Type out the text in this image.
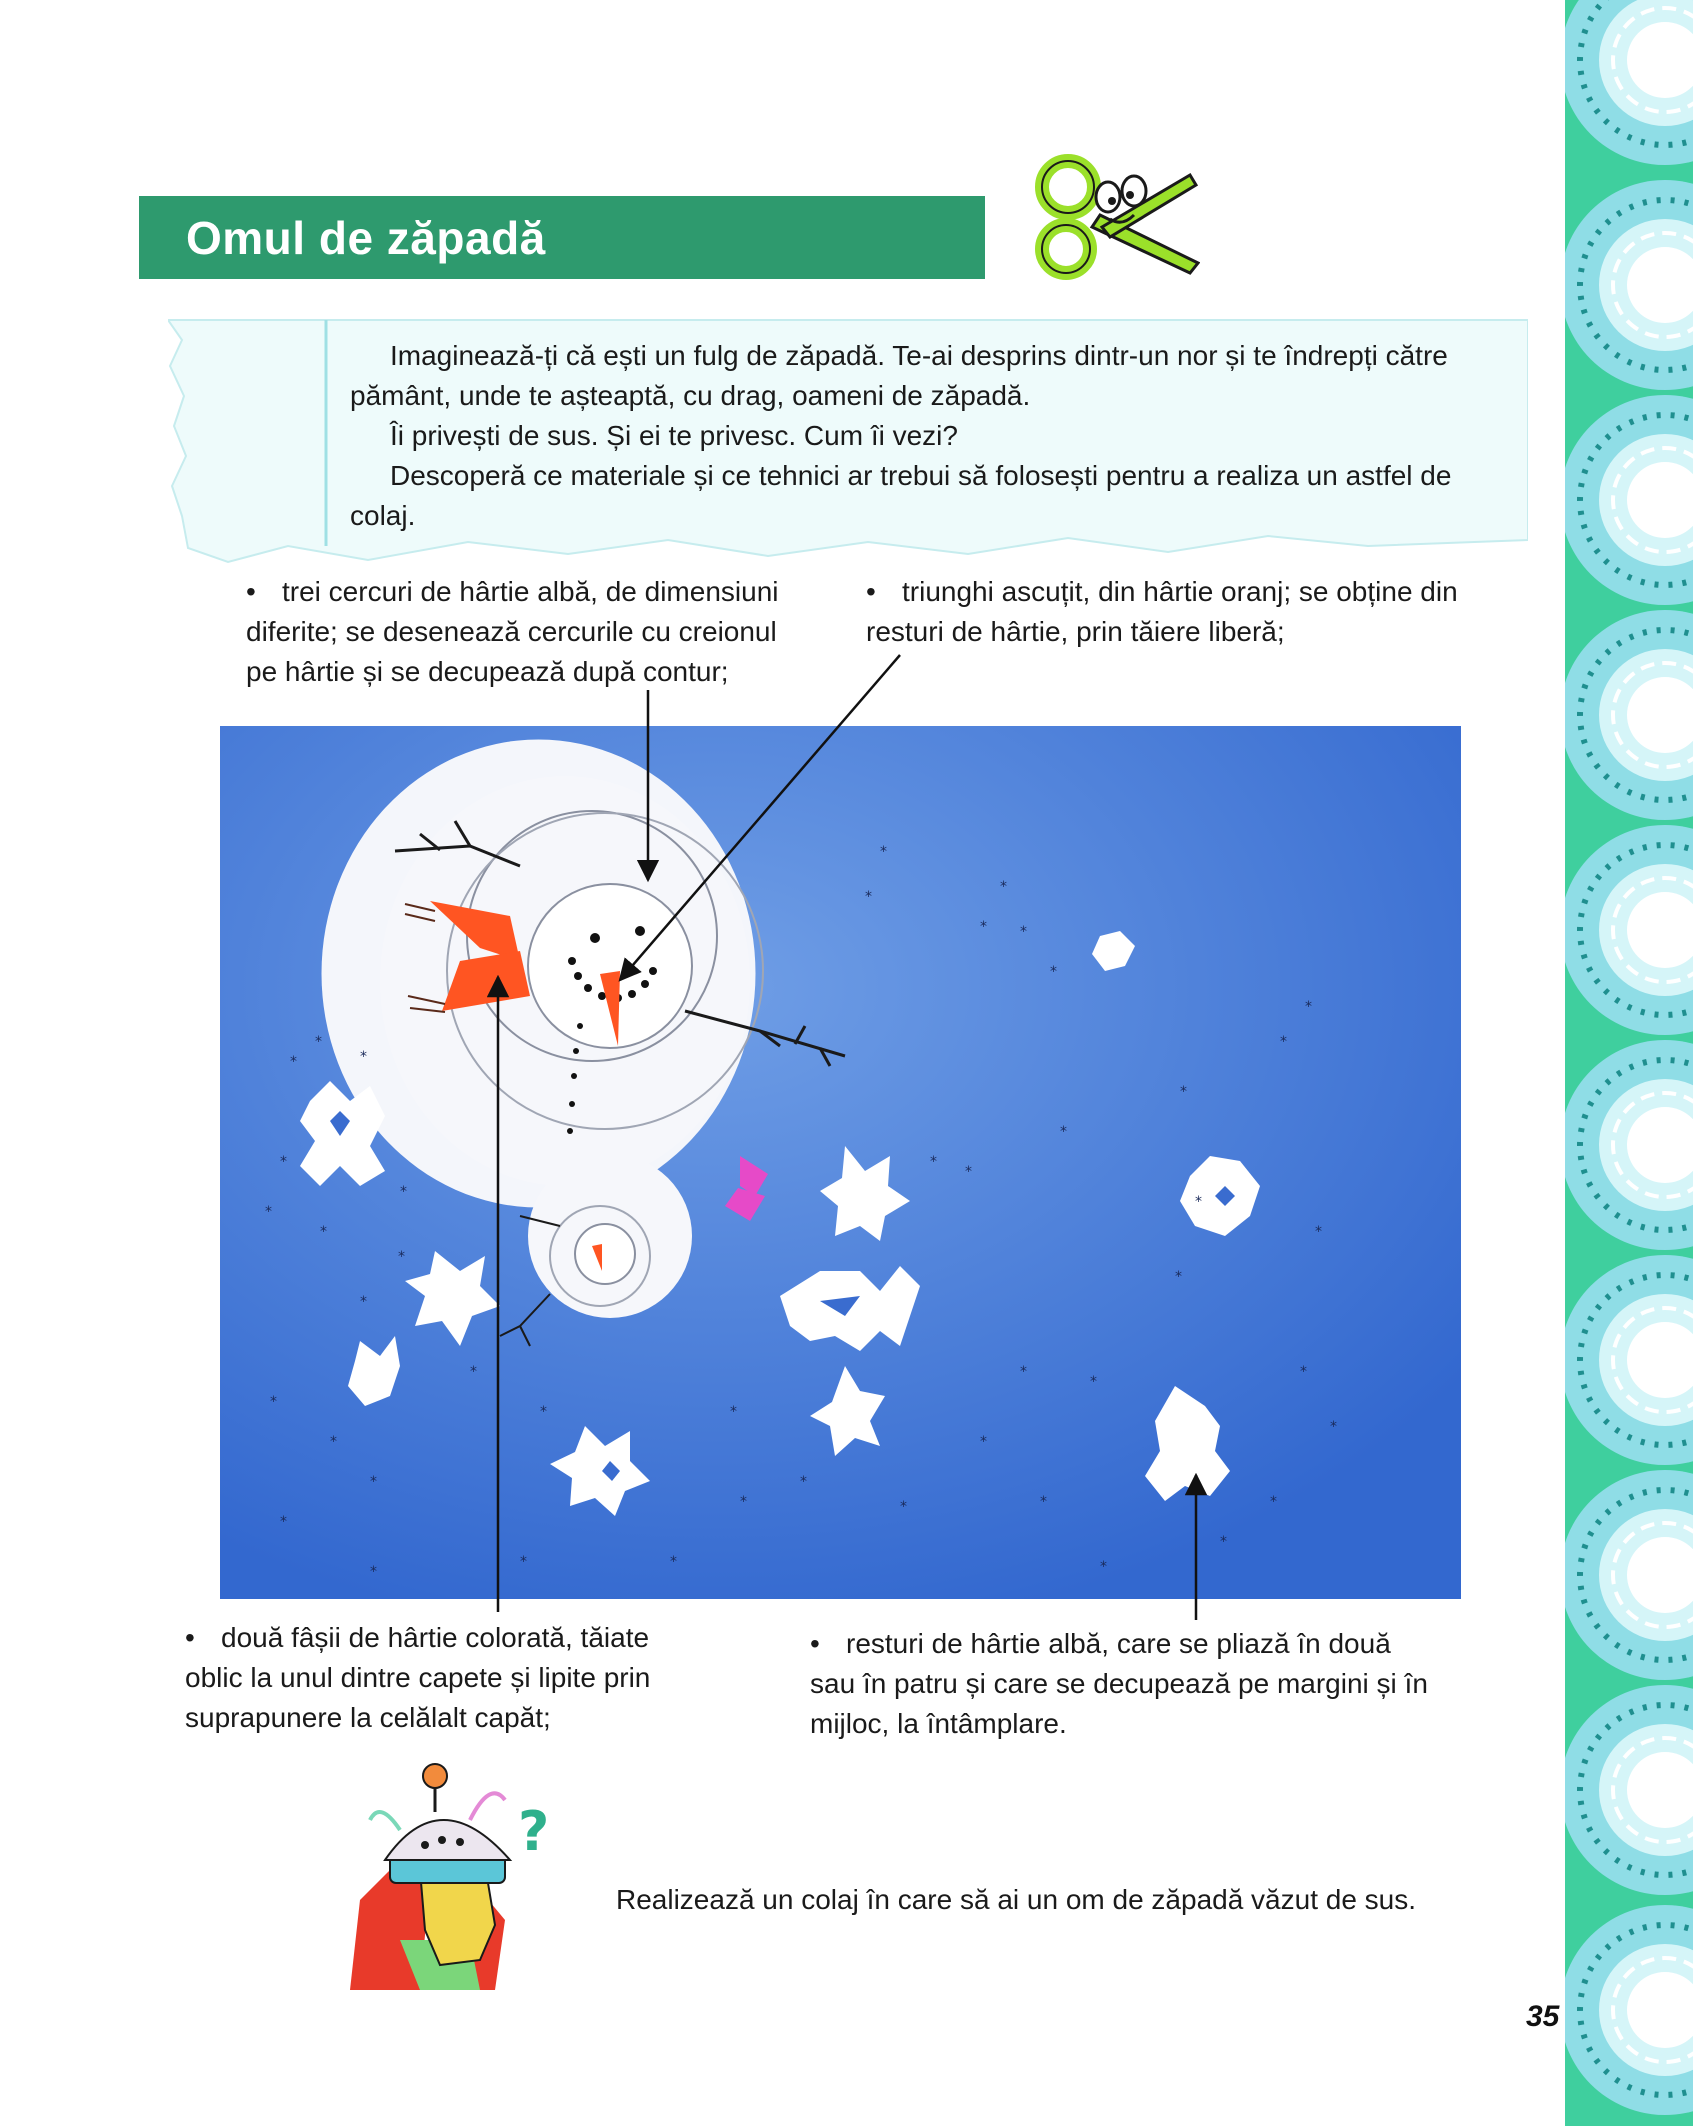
Omul de zăpadă

Imaginează-ți că ești un fulg de zăpadă. Te-ai desprins dintr-un nor și te îndrepți către pământ, unde te așteaptă, cu drag, oameni de zăpadă.

Îi privești de sus. Și ei te privesc. Cum îi vezi?

Descoperă ce materiale și ce tehnici ar trebui să folosești pentru a realiza un astfel de colaj.

• trei cercuri de hârtie albă, de dimensiuni diferite; se desenează cercurile cu creionul pe hârtie și se decupează după contur;
• triunghi ascuțit, din hârtie oranj; se obține din resturi de hârtie, prin tăiere liberă;
*
*
*
* *
*
*
*
*
*
*
*
*
*
*
*
*
*
*
*
*
*
*
*
*
*
*
*
*
*	*
*
*
*
*
*
*
*
*
*
*
*
*
*
*
*
• două fâșii de hârtie colorată, tăiate oblic la unul dintre capete și lipite prin suprapunere la celălalt capăt;
• resturi de hârtie albă, care se pliază în două sau în patru și care se decupează pe margini și în mijloc, la întâmplare.
?
Realizează un colaj în care să ai un om de zăpadă văzut de sus.
35
